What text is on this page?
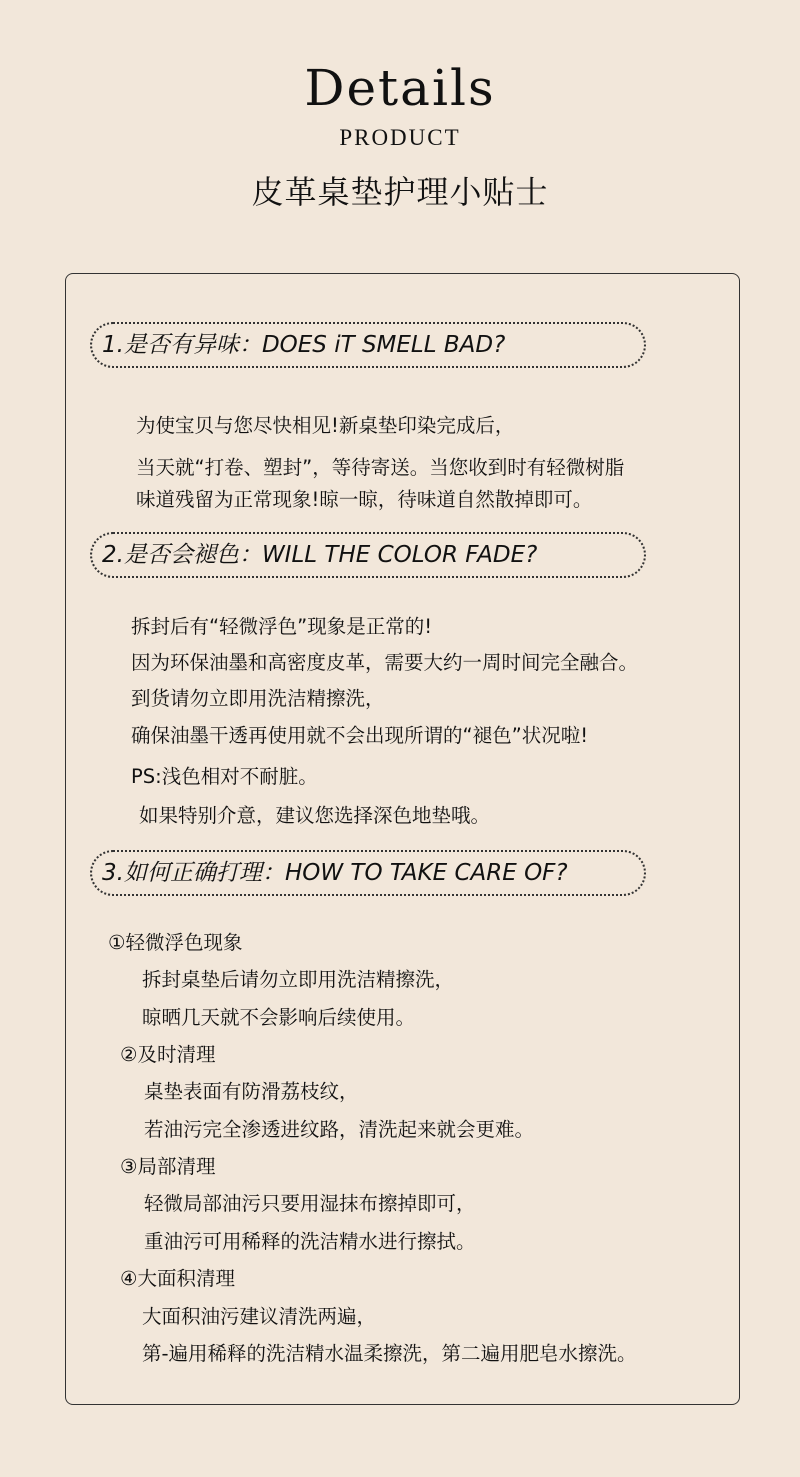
Details
PRODUCT
皮革桌垫护理小贴士
1.是否有异味：DOES iT SMELL BAD?
为使宝贝与您尽快相见!新桌垫印染完成后，
当天就“打卷、塑封”，等待寄送。当您收到时有轻微树脂
味道残留为正常现象!晾一晾，待味道自然散掉即可。
2.是否会褪色：WILL THE COLOR FADE?
拆封后有“轻微浮色”现象是正常的!
因为环保油墨和高密度皮革，需要大约一周时间完全融合。
到货请勿立即用洗洁精擦洗，
确保油墨干透再使用就不会出现所谓的“褪色”状况啦!
PS:浅色相对不耐脏。
如果特别介意，建议您选择深色地垫哦。
3.如何正确打理：HOW TO TAKE CARE OF?
①轻微浮色现象
拆封桌垫后请勿立即用洗洁精擦洗，
晾晒几天就不会影响后续使用。
②及时清理
桌垫表面有防滑荔枝纹，
若油污完全渗透进纹路，清洗起来就会更难。
③局部清理
轻微局部油污只要用湿抹布擦掉即可，
重油污可用稀释的洗洁精水进行擦拭。
④大面积清理
大面积油污建议清洗两遍，
第-遍用稀释的洗洁精水温柔擦洗，第二遍用肥皂水擦洗。
